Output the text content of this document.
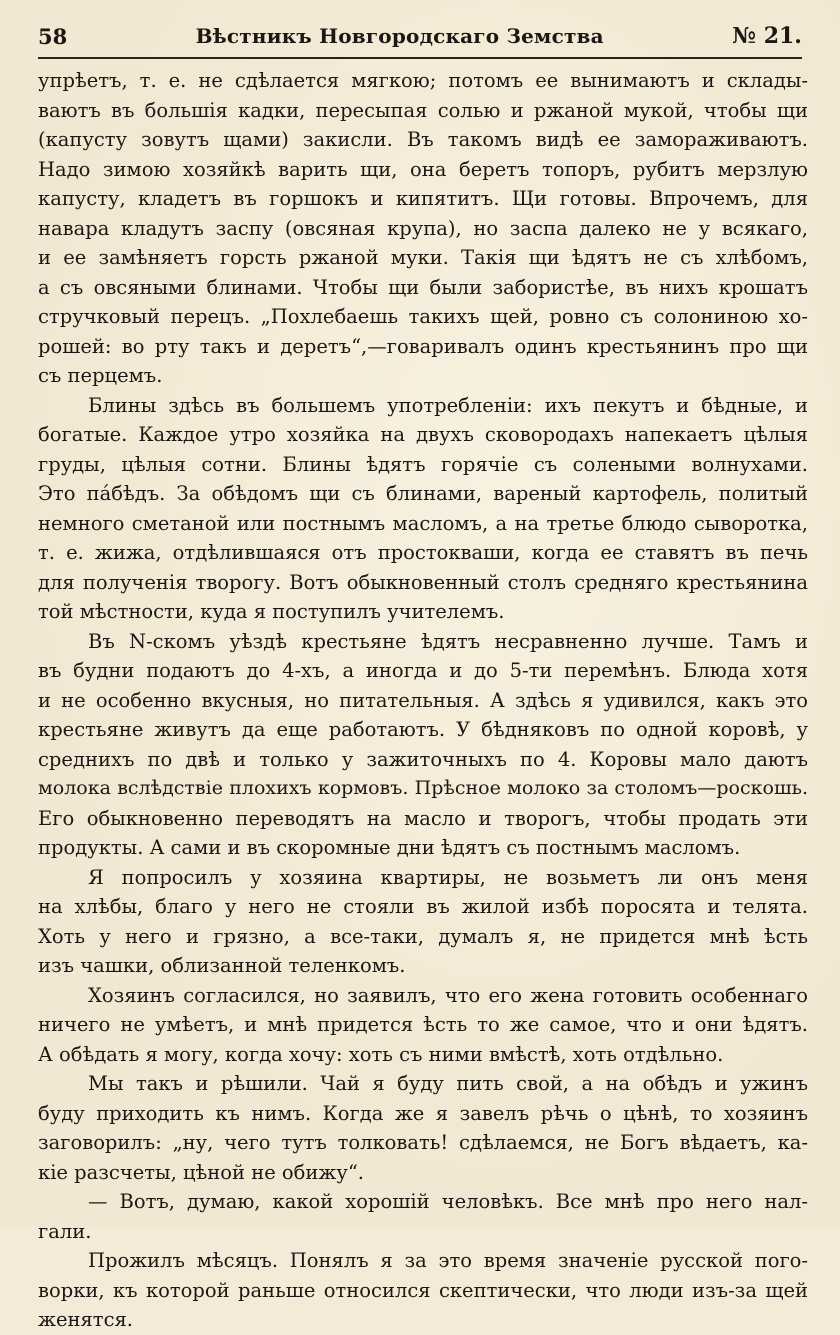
58	Вѣстникъ Новгородскаго Земства	№ 21.
упрѣетъ, т. е. не сдѣлается мягкою; потомъ ее вынимаютъ и склады-
ваютъ въ большія кадки, пересыпая солью и ржаной мукой, чтобы щи
(капусту зовутъ щами) закисли. Въ такомъ видѣ ее замораживаютъ.
Надо зимою хозяйкѣ варить щи, она беретъ топоръ, рубитъ мерзлую
капусту, кладетъ въ горшокъ и кипятитъ. Щи готовы. Впрочемъ, для
навара кладутъ заспу (овсяная крупа), но заспа далеко не у всякаго,
и ее замѣняетъ горсть ржаной муки. Такія щи ѣдятъ не съ хлѣбомъ,
а съ овсяными блинами. Чтобы щи были забористѣе, въ нихъ крошатъ
стручковый перецъ. „Похлебаешь такихъ щей, ровно съ солониною хо-
рошей: во рту такъ и деретъ“,—говаривалъ одинъ крестьянинъ про щи
съ перцемъ.
Блины здѣсь въ большемъ употребленіи: ихъ пекутъ и бѣдные, и
богатые. Каждое утро хозяйка на двухъ сковородахъ напекаетъ цѣлыя
груды, цѣлыя сотни. Блины ѣдятъ горячіе съ солеными волнухами.
Это пáбѣдъ. За обѣдомъ щи съ блинами, вареный картофель, политый
немного сметаной или постнымъ масломъ, а на третье блюдо сыворотка,
т. е. жижа, отдѣлившаяся отъ простокваши, когда ее ставятъ въ печь
для полученія творогу. Вотъ обыкновенный столъ средняго крестьянина
той мѣстности, куда я поступилъ учителемъ.
Въ N-скомъ уѣздѣ крестьяне ѣдятъ несравненно лучше. Тамъ и
въ будни подаютъ до 4-хъ, а иногда и до 5-ти перемѣнъ. Блюда хотя
и не особенно вкусныя, но питательныя. А здѣсь я удивился, какъ это
крестьяне живутъ да еще работаютъ. У бѣдняковъ по одной коровѣ, у
среднихъ по двѣ и только у зажиточныхъ по 4. Коровы мало даютъ
молока вслѣдствіе плохихъ кормовъ. Прѣсное молоко за столомъ—роскошь.
Его обыкновенно переводятъ на масло и творогъ, чтобы продать эти
продукты. А сами и въ скоромные дни ѣдятъ съ постнымъ масломъ.
Я попросилъ у хозяина квартиры, не возьметъ ли онъ меня
на хлѣбы, благо у него не стояли въ жилой избѣ поросята и телята.
Хоть у него и грязно, а все-таки, думалъ я, не придется мнѣ ѣсть
изъ чашки, облизанной теленкомъ.
Хозяинъ согласился, но заявилъ, что его жена готовить особеннаго
ничего не умѣетъ, и мнѣ придется ѣсть то же самое, что и они ѣдятъ.
А обѣдать я могу, когда хочу: хоть съ ними вмѣстѣ, хоть отдѣльно.
Мы такъ и рѣшили. Чай я буду пить свой, а на обѣдъ и ужинъ
буду приходить къ нимъ. Когда же я завелъ рѣчь о цѣнѣ, то хозяинъ
заговорилъ: „ну, чего тутъ толковать! сдѣлаемся, не Богъ вѣдаетъ, ка-
кіе разсчеты, цѣной не обижу“.
— Вотъ, думаю, какой хорошій человѣкъ. Все мнѣ про него нал-
гали.
Прожилъ мѣсяцъ. Понялъ я за это время значеніе русской пого-
ворки, къ которой раньше относился скептически, что люди изъ-за щей
женятся.
